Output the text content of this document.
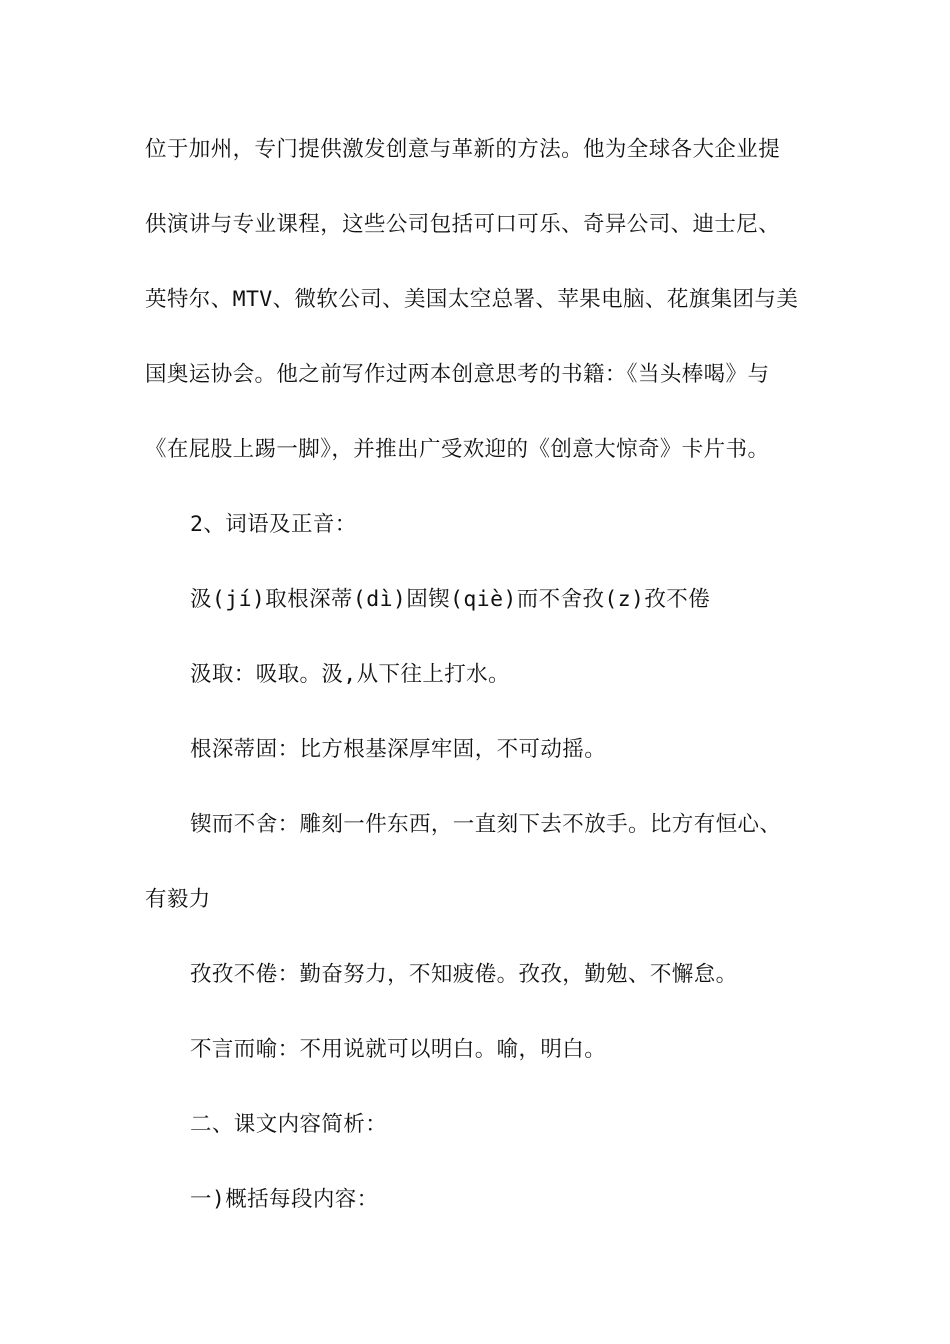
位于加州，专门提供激发创意与革新的方法。他为全球各大企业提
供演讲与专业课程，这些公司包括可口可乐、奇异公司、迪士尼、
英特尔、MTV、微软公司、美国太空总署、苹果电脑、花旗集团与美
国奥运协会。他之前写作过两本创意思考的书籍：《当头棒喝》与
《在屁股上踢一脚》，并推出广受欢迎的《创意大惊奇》卡片书。
2、词语及正音：
汲(jí)取根深蒂(dì)固锲(qiè)而不舍孜(z)孜不倦
汲取：吸取。汲,从下往上打水。
根深蒂固：比方根基深厚牢固，不可动摇。
锲而不舍：雕刻一件东西，一直刻下去不放手。比方有恒心、
有毅力
孜孜不倦：勤奋努力，不知疲倦。孜孜，勤勉、不懈怠。
不言而喻：不用说就可以明白。喻，明白。
二、课文内容简析：
一)概括每段内容：
